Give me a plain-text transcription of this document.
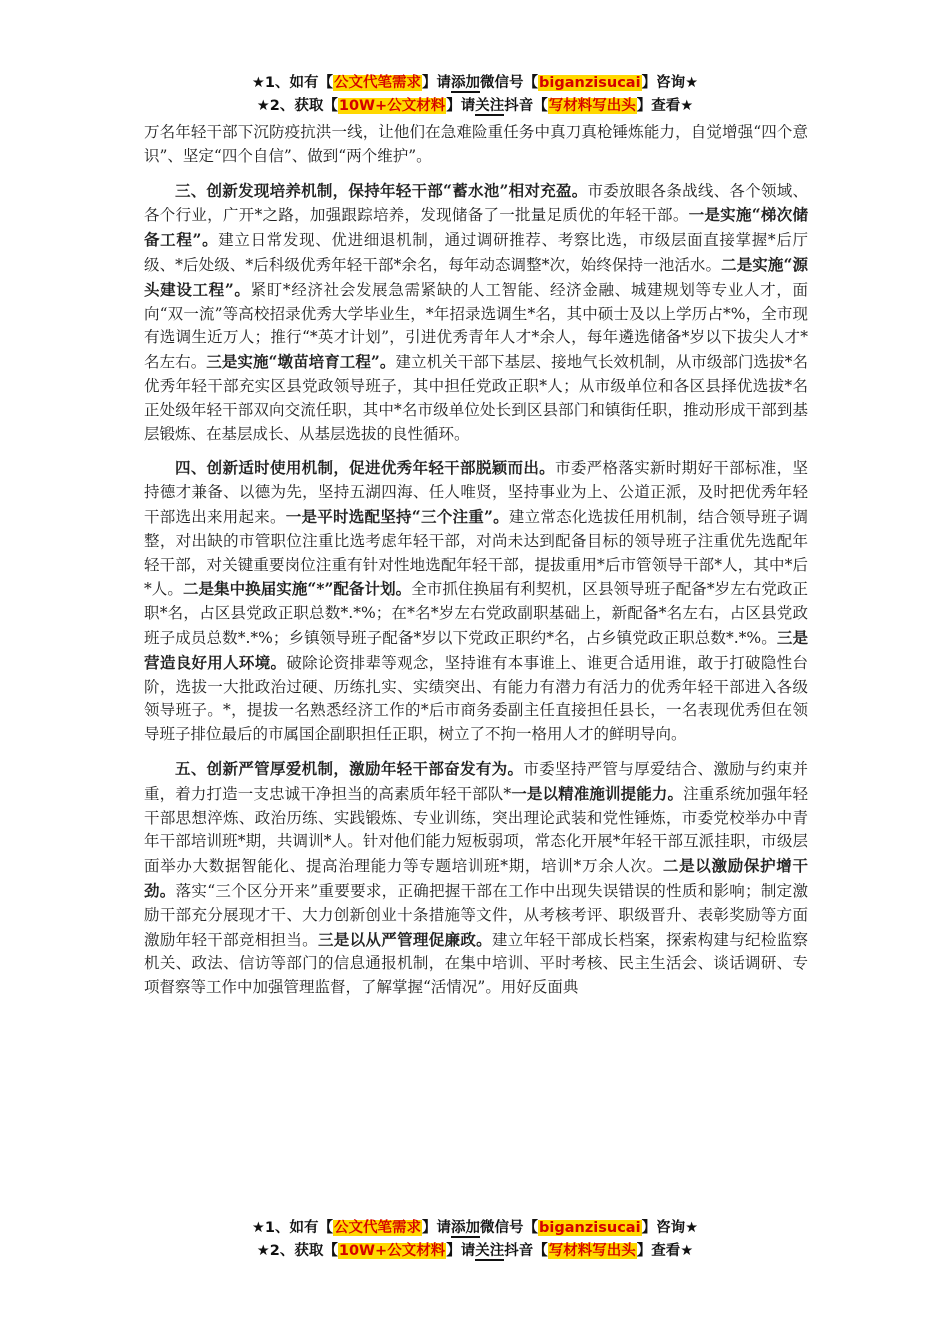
★1、如有【公文代笔需求】请添加微信号【biganzisucai】咨询★
★2、获取【10W+公文材料】请关注抖音【写材料写出头】查看★

万名年轻干部下沉防疫抗洪一线，让他们在急难险重任务中真刀真枪锤炼能力，自觉增强“四个意识”、坚定“四个自信”、做到“两个维护”。

三、创新发现培养机制，保持年轻干部“蓄水池”相对充盈。市委放眼各条战线、各个领域、各个行业，广开*之路，加强跟踪培养，发现储备了一批量足质优的年轻干部。一是实施“梯次储备工程”。建立日常发现、优进细退机制，通过调研推荐、考察比选，市级层面直接掌握*后厅级、*后处级、*后科级优秀年轻干部*余名，每年动态调整*次，始终保持一池活水。二是实施“源头建设工程”。紧盯*经济社会发展急需紧缺的人工智能、经济金融、城建规划等专业人才，面向“双一流”等高校招录优秀大学毕业生，*年招录选调生*名，其中硕士及以上学历占*%，全市现有选调生近万人；推行“*英才计划”，引进优秀青年人才*余人，每年遴选储备*岁以下拔尖人才*名左右。三是实施“墩苗培育工程”。建立机关干部下基层、接地气长效机制，从市级部门选拔*名优秀年轻干部充实区县党政领导班子，其中担任党政正职*人；从市级单位和各区县择优选拔*名正处级年轻干部双向交流任职，其中*名市级单位处长到区县部门和镇街任职，推动形成干部到基层锻炼、在基层成长、从基层选拔的良性循环。

四、创新适时使用机制，促进优秀年轻干部脱颖而出。市委严格落实新时期好干部标准，坚持德才兼备、以德为先，坚持五湖四海、任人唯贤，坚持事业为上、公道正派，及时把优秀年轻干部选出来用起来。一是平时选配坚持“三个注重”。建立常态化选拔任用机制，结合领导班子调整，对出缺的市管职位注重比选考虑年轻干部，对尚未达到配备目标的领导班子注重优先选配年轻干部，对关键重要岗位注重有针对性地选配年轻干部，提拔重用*后市管领导干部*人，其中*后*人。二是集中换届实施“*”配备计划。全市抓住换届有利契机，区县领导班子配备*岁左右党政正职*名，占区县党政正职总数*.*%；在*名*岁左右党政副职基础上，新配备*名左右，占区县党政班子成员总数*.*%；乡镇领导班子配备*岁以下党政正职约*名，占乡镇党政正职总数*.*%。三是营造良好用人环境。破除论资排辈等观念，坚持谁有本事谁上、谁更合适用谁，敢于打破隐性台阶，选拔一大批政治过硬、历练扎实、实绩突出、有能力有潜力有活力的优秀年轻干部进入各级领导班子。*，提拔一名熟悉经济工作的*后市商务委副主任直接担任县长，一名表现优秀但在领导班子排位最后的市属国企副职担任正职，树立了不拘一格用人才的鲜明导向。

五、创新严管厚爱机制，激励年轻干部奋发有为。市委坚持严管与厚爱结合、激励与约束并重，着力打造一支忠诚干净担当的高素质年轻干部队*一是以精准施训提能力。注重系统加强年轻干部思想淬炼、政治历练、实践锻炼、专业训练，突出理论武装和党性锤炼，市委党校举办中青年干部培训班*期，共调训*人。针对他们能力短板弱项，常态化开展*年轻干部互派挂职，市级层面举办大数据智能化、提高治理能力等专题培训班*期，培训*万余人次。二是以激励保护增干劲。落实“三个区分开来”重要要求，正确把握干部在工作中出现失误错误的性质和影响；制定激励干部充分展现才干、大力创新创业十条措施等文件，从考核考评、职级晋升、表彰奖励等方面激励年轻干部竞相担当。三是以从严管理促廉政。建立年轻干部成长档案，探索构建与纪检监察机关、政法、信访等部门的信息通报机制，在集中培训、平时考核、民主生活会、谈话调研、专项督察等工作中加强管理监督，了解掌握“活情况”。用好反面典

★1、如有【公文代笔需求】请添加微信号【biganzisucai】咨询★
★2、获取【10W+公文材料】请关注抖音【写材料写出头】查看★
